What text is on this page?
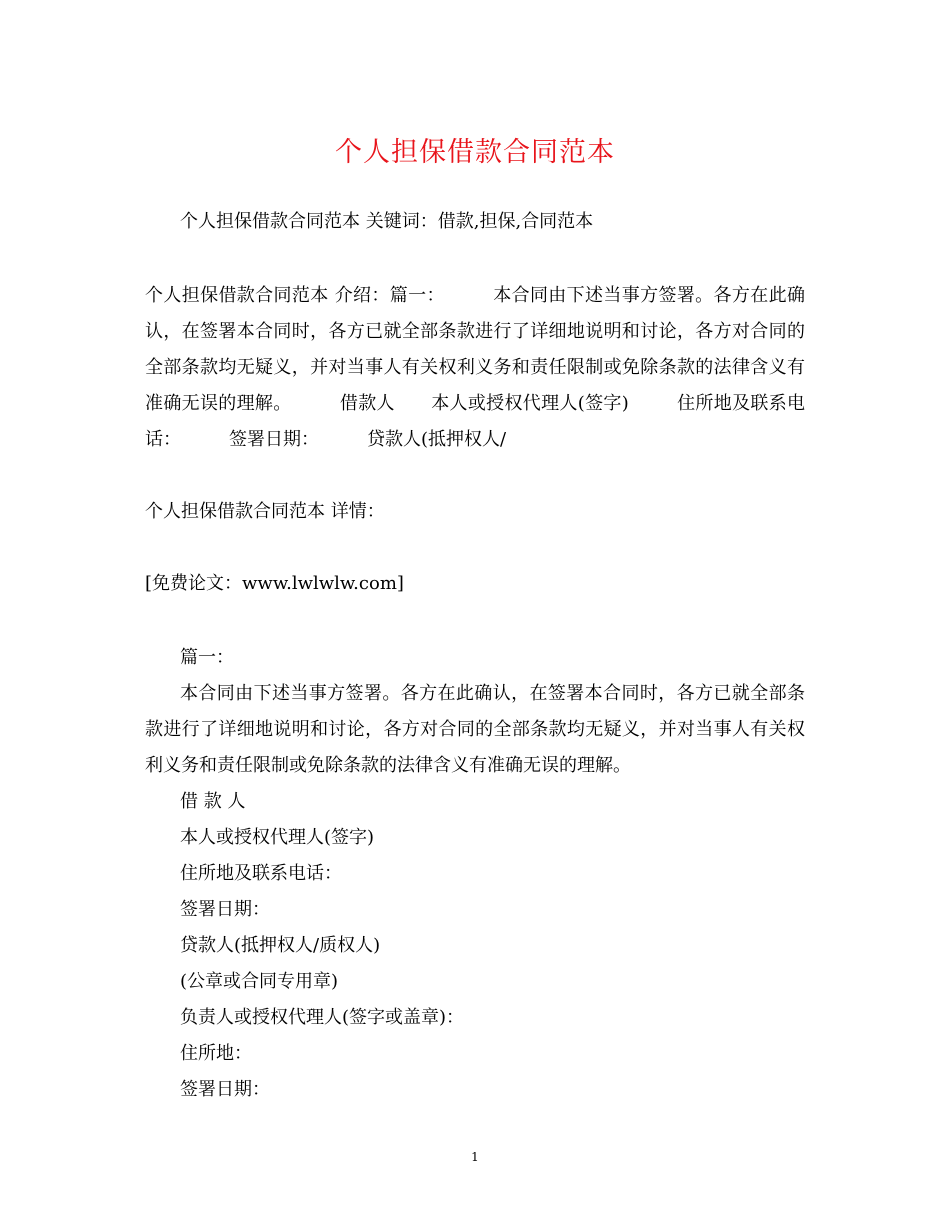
个人担保借款合同范本
个人担保借款合同范本 关键词：借款,担保,合同范本
个人担保借款合同范本 介绍：篇一：	本合同由下述当事方签署。各方在此确认，在签署本合同时，各方已就全部条款进行了详细地说明和讨论，各方对合同的全部条款均无疑义，并对当事人有关权利义务和责任限制或免除条款的法律含义有准确无误的理解。	借款人 本人或授权代理人(签字)	住所地及联系电话：	签署日期：	贷款人(抵押权人/
个人担保借款合同范本 详情：
[免费论文：www.lwlwlw.com]
篇一：
本合同由下述当事方签署。各方在此确认，在签署本合同时，各方已就全部条款进行了详细地说明和讨论，各方对合同的全部条款均无疑义，并对当事人有关权利义务和责任限制或免除条款的法律含义有准确无误的理解。
借 款 人
本人或授权代理人(签字)
住所地及联系电话：
签署日期：
贷款人(抵押权人/质权人)
(公章或合同专用章)
负责人或授权代理人(签字或盖章)：
住所地：
签署日期：
1
